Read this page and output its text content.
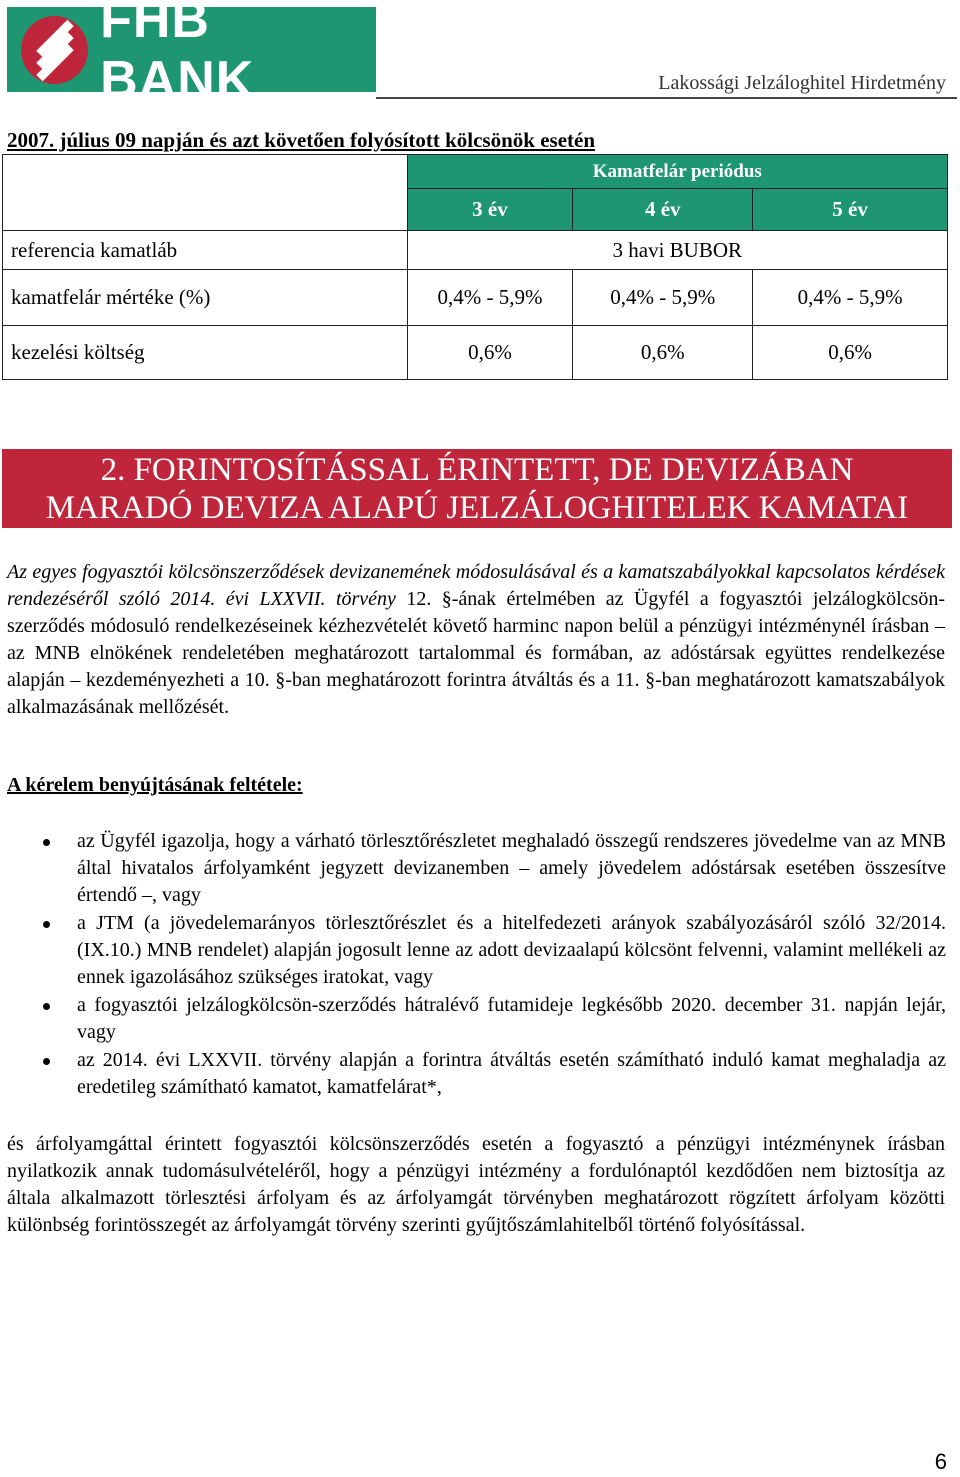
FHB BANK	Lakossági Jelzáloghitel Hirdetmény
2007. július 09 napján és azt követően folyósított kölcsönök esetén
	Kamatfelár periódus		
	3 év	4 év	5 év
referencia kamatláb	3 havi BUBOR		
kamatfelár mértéke (%)	0,4% - 5,9%	0,4% - 5,9%	0,4% - 5,9%
kezelési költség	0,6%	0,6%	0,6%
2. FORINTOSÍTÁSSAL ÉRINTETT, DE DEVIZÁBAN
MARADÓ DEVIZA ALAPÚ JELZÁLOGHITELEK KAMATAI
Az egyes fogyasztói kölcsönszerződések devizanemének módosulásával és a kamatszabályokkal kapcsolatos kérdések rendezéséről szóló 2014. évi LXXVII. törvény 12. §-ának értelmében az Ügyfél a fogyasztói jelzálogkölcsön-szerződés módosuló rendelkezéseinek kézhezvételét követő harminc napon belül a pénzügyi intézménynél írásban – az MNB elnökének rendeletében meghatározott tartalommal és formában, az adóstársak együttes rendelkezése alapján – kezdeményezheti a 10. §-ban meghatározott forintra átváltás és a 11. §-ban meghatározott kamatszabályok alkalmazásának mellőzését.
A kérelem benyújtásának feltétele:
az Ügyfél igazolja, hogy a várható törlesztőrészletet meghaladó összegű rendszeres jövedelme van az MNB által hivatalos árfolyamként jegyzett devizanemben – amely jövedelem adóstársak esetében összesítve értendő –, vagy
a JTM (a jövedelemarányos törlesztőrészlet és a hitelfedezeti arányok szabályozásáról szóló 32/2014. (IX.10.) MNB rendelet) alapján jogosult lenne az adott devizaalapú kölcsönt felvenni, valamint mellékeli az ennek igazolásához szükséges iratokat, vagy
a fogyasztói jelzálogkölcsön-szerződés hátralévő futamideje legkésőbb 2020. december 31. napján lejár, vagy
az 2014. évi LXXVII. törvény alapján a forintra átváltás esetén számítható induló kamat meghaladja az eredetileg számítható kamatot, kamatfelárat*,
és árfolyamgáttal érintett fogyasztói kölcsönszerződés esetén a fogyasztó a pénzügyi intézménynek írásban nyilatkozik annak tudomásulvételéről, hogy a pénzügyi intézmény a fordulónaptól kezdődően nem biztosítja az általa alkalmazott törlesztési árfolyam és az árfolyamgát törvényben meghatározott rögzített árfolyam közötti különbség forintösszegét az árfolyamgát törvény szerinti gyűjtőszámlahitelből történő folyósítással.
6
